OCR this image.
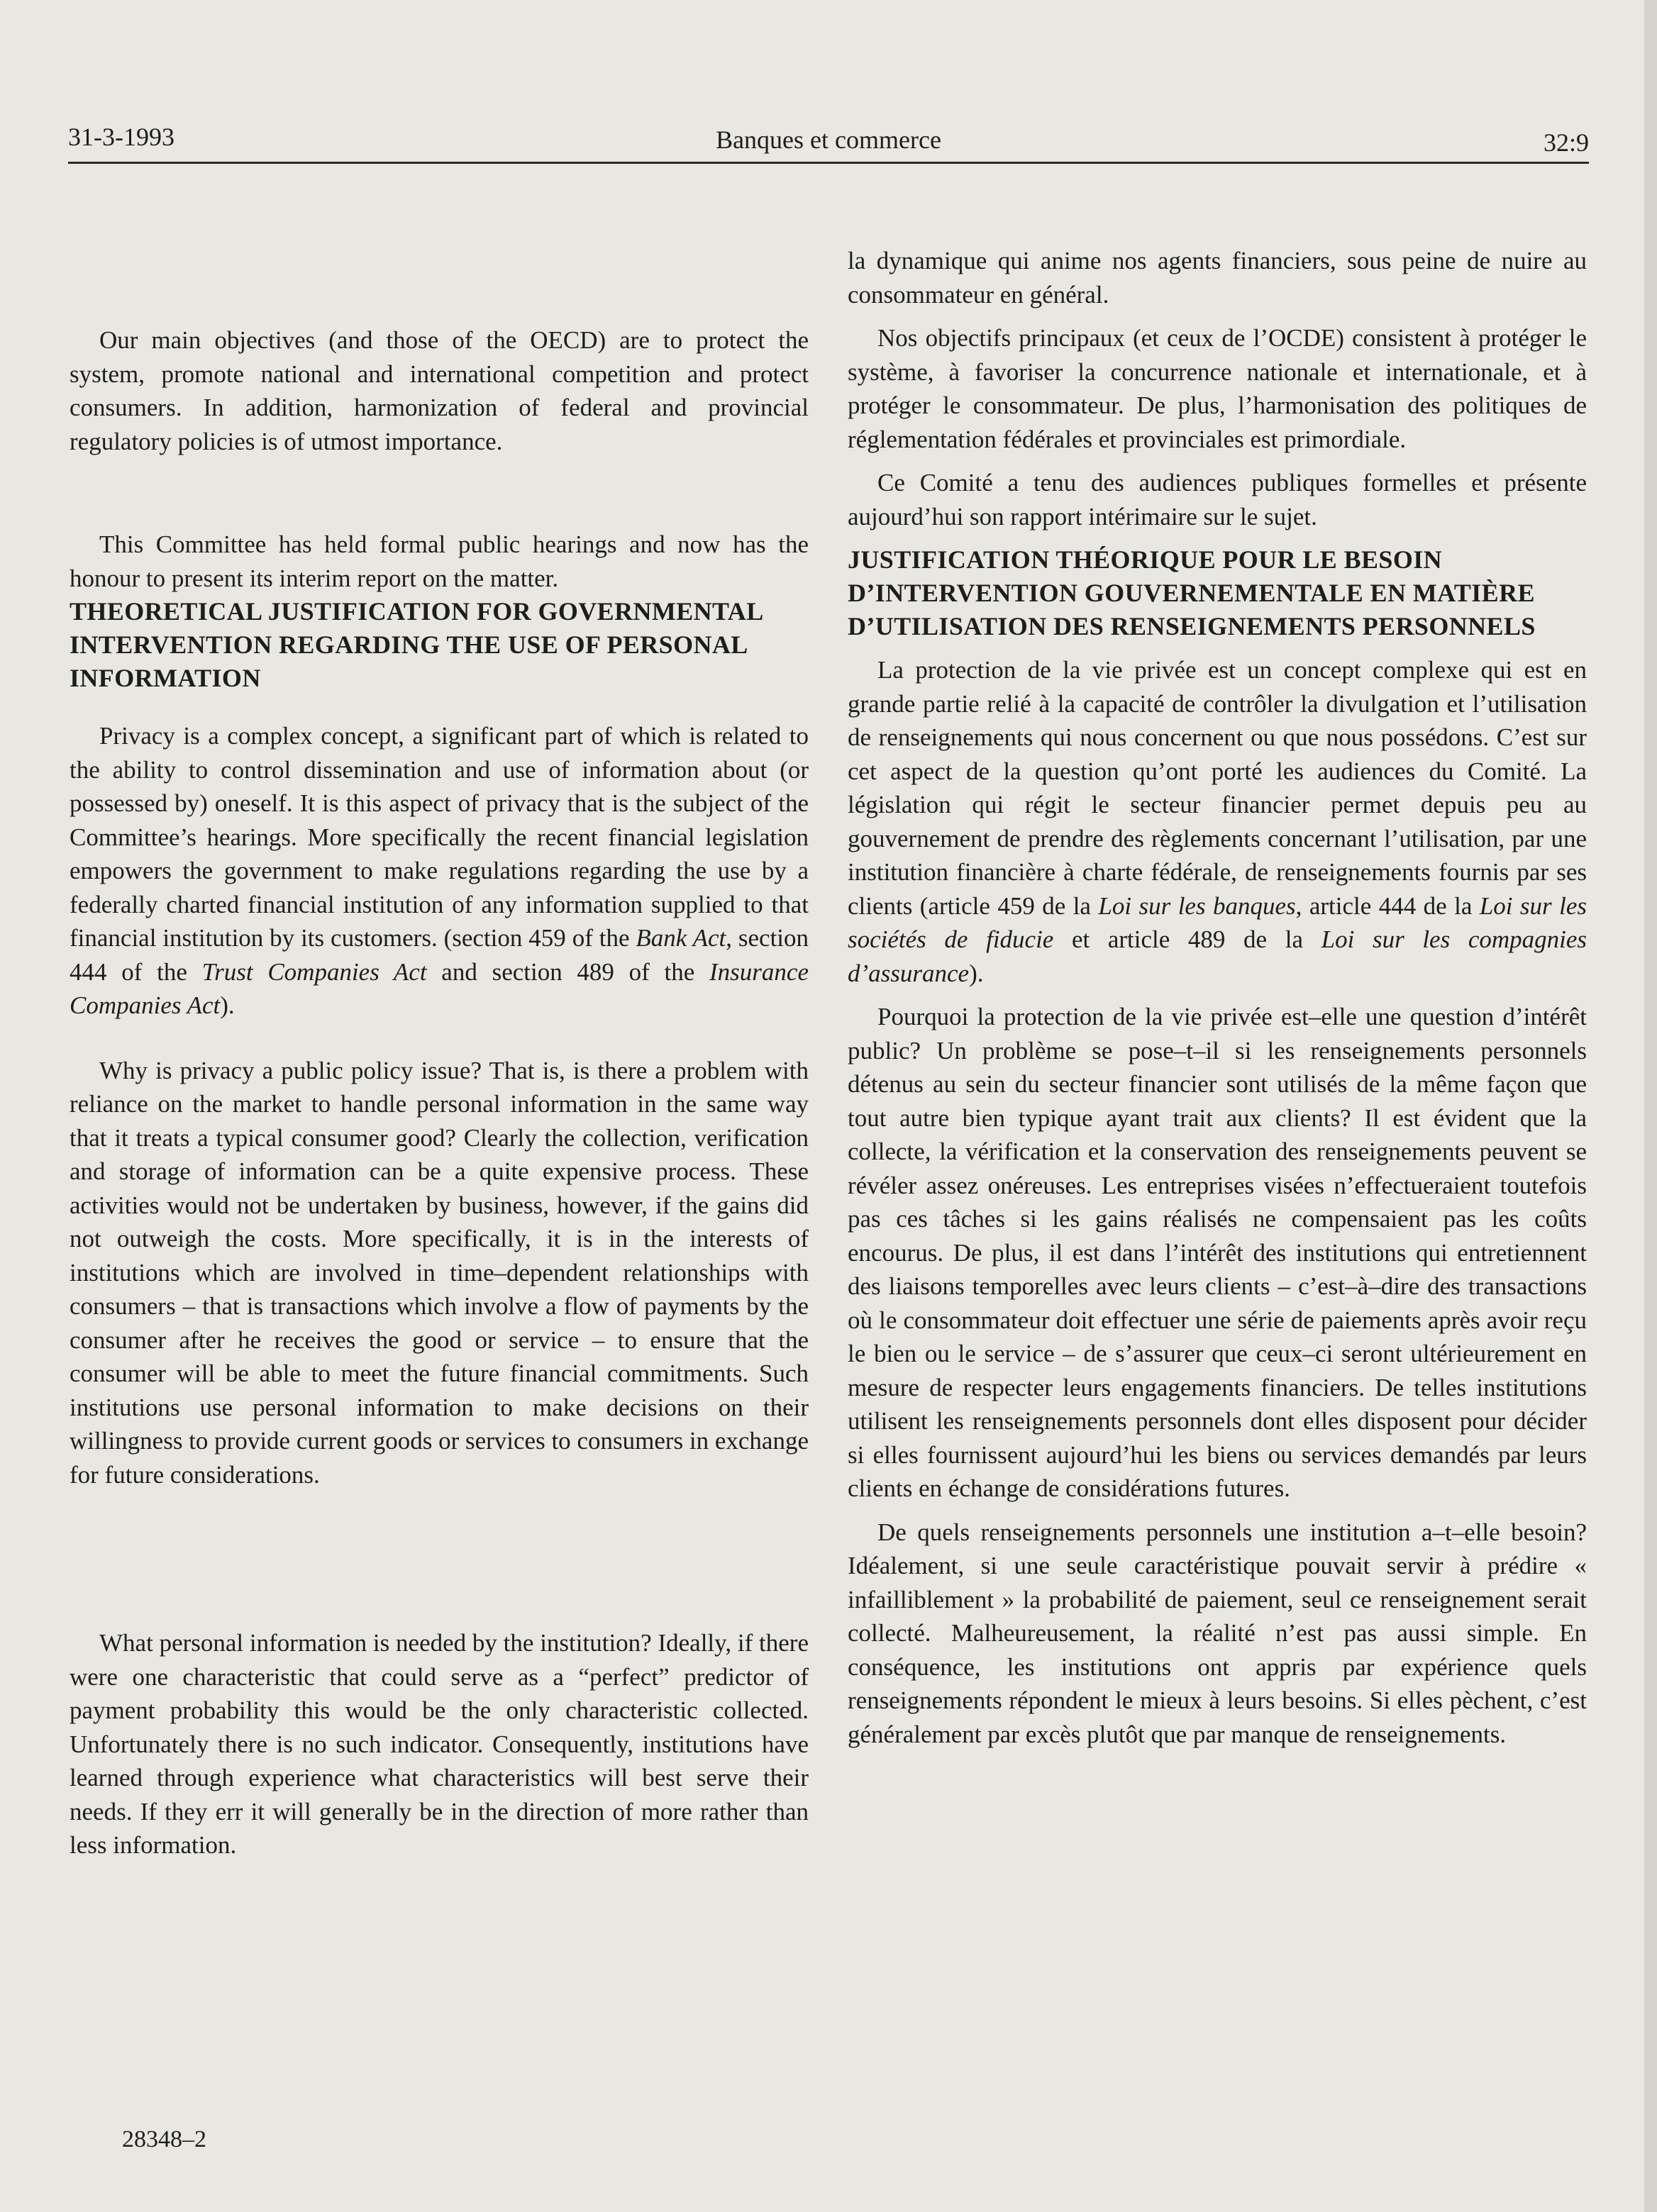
31-3-1993	Banques et commerce	32:9

Our main objectives (and those of the OECD) are to protect the system, promote national and international competition and protect consumers. In addition, harmonization of federal and provincial regulatory policies is of utmost importance.

This Committee has held formal public hearings and now has the honour to present its interim report on the matter.

THEORETICAL JUSTIFICATION FOR GOVERNMENTAL INTERVENTION REGARDING THE USE OF PERSONAL INFORMATION

Privacy is a complex concept, a significant part of which is related to the ability to control dissemination and use of information about (or possessed by) oneself. It is this aspect of privacy that is the subject of the Committee’s hearings. More specifically the recent financial legislation empowers the government to make regulations regarding the use by a federally charted financial institution of any information supplied to that financial institution by its customers. (section 459 of the Bank Act, section 444 of the Trust Companies Act and section 489 of the Insurance Companies Act).

Why is privacy a public policy issue? That is, is there a problem with reliance on the market to handle personal information in the same way that it treats a typical consumer good? Clearly the collection, verification and storage of information can be a quite expensive process. These activities would not be undertaken by business, however, if the gains did not outweigh the costs. More specifically, it is in the interests of institutions which are involved in time–dependent relationships with consumers – that is transactions which involve a flow of payments by the consumer after he receives the good or service – to ensure that the consumer will be able to meet the future financial commitments. Such institutions use personal information to make decisions on their willingness to provide current goods or services to consumers in exchange for future considerations.

What personal information is needed by the institution? Ideally, if there were one characteristic that could serve as a “perfect” predictor of payment probability this would be the only characteristic collected. Unfortunately there is no such indicator. Consequently, institutions have learned through experience what characteristics will best serve their needs. If they err it will generally be in the direction of more rather than less information.

la dynamique qui anime nos agents financiers, sous peine de nuire au consommateur en général.

Nos objectifs principaux (et ceux de l’OCDE) consistent à protéger le système, à favoriser la concurrence nationale et internationale, et à protéger le consommateur. De plus, l’harmonisation des politiques de réglementation fédérales et provinciales est primordiale.

Ce Comité a tenu des audiences publiques formelles et présente aujourd’hui son rapport intérimaire sur le sujet.

JUSTIFICATION THÉORIQUE POUR LE BESOIN D’INTERVENTION GOUVERNEMENTALE EN MATIÈRE D’UTILISATION DES RENSEIGNEMENTS PERSONNELS

La protection de la vie privée est un concept complexe qui est en grande partie relié à la capacité de contrôler la divulgation et l’utilisation de renseignements qui nous concernent ou que nous possédons. C’est sur cet aspect de la question qu’ont porté les audiences du Comité. La législation qui régit le secteur financier permet depuis peu au gouvernement de prendre des règlements concernant l’utilisation, par une institution financière à charte fédérale, de renseignements fournis par ses clients (article 459 de la Loi sur les banques, article 444 de la Loi sur les sociétés de fiducie et article 489 de la Loi sur les compagnies d’assurance).

Pourquoi la protection de la vie privée est–elle une question d’intérêt public? Un problème se pose–t–il si les renseignements personnels détenus au sein du secteur financier sont utilisés de la même façon que tout autre bien typique ayant trait aux clients? Il est évident que la collecte, la vérification et la conservation des renseignements peuvent se révéler assez onéreuses. Les entreprises visées n’effectueraient toutefois pas ces tâches si les gains réalisés ne compensaient pas les coûts encourus. De plus, il est dans l’intérêt des institutions qui entretiennent des liaisons temporelles avec leurs clients – c’est–à–dire des transactions où le consommateur doit effectuer une série de paiements après avoir reçu le bien ou le service – de s’assurer que ceux–ci seront ultérieurement en mesure de respecter leurs engagements financiers. De telles institutions utilisent les renseignements personnels dont elles disposent pour décider si elles fournissent aujourd’hui les biens ou services demandés par leurs clients en échange de considérations futures.

De quels renseignements personnels une institution a–t–elle besoin? Idéalement, si une seule caractéristique pouvait servir à prédire « infailliblement » la probabilité de paiement, seul ce renseignement serait collecté. Malheureusement, la réalité n’est pas aussi simple. En conséquence, les institutions ont appris par expérience quels renseignements répondent le mieux à leurs besoins. Si elles pèchent, c’est généralement par excès plutôt que par manque de renseignements.

28348–2
